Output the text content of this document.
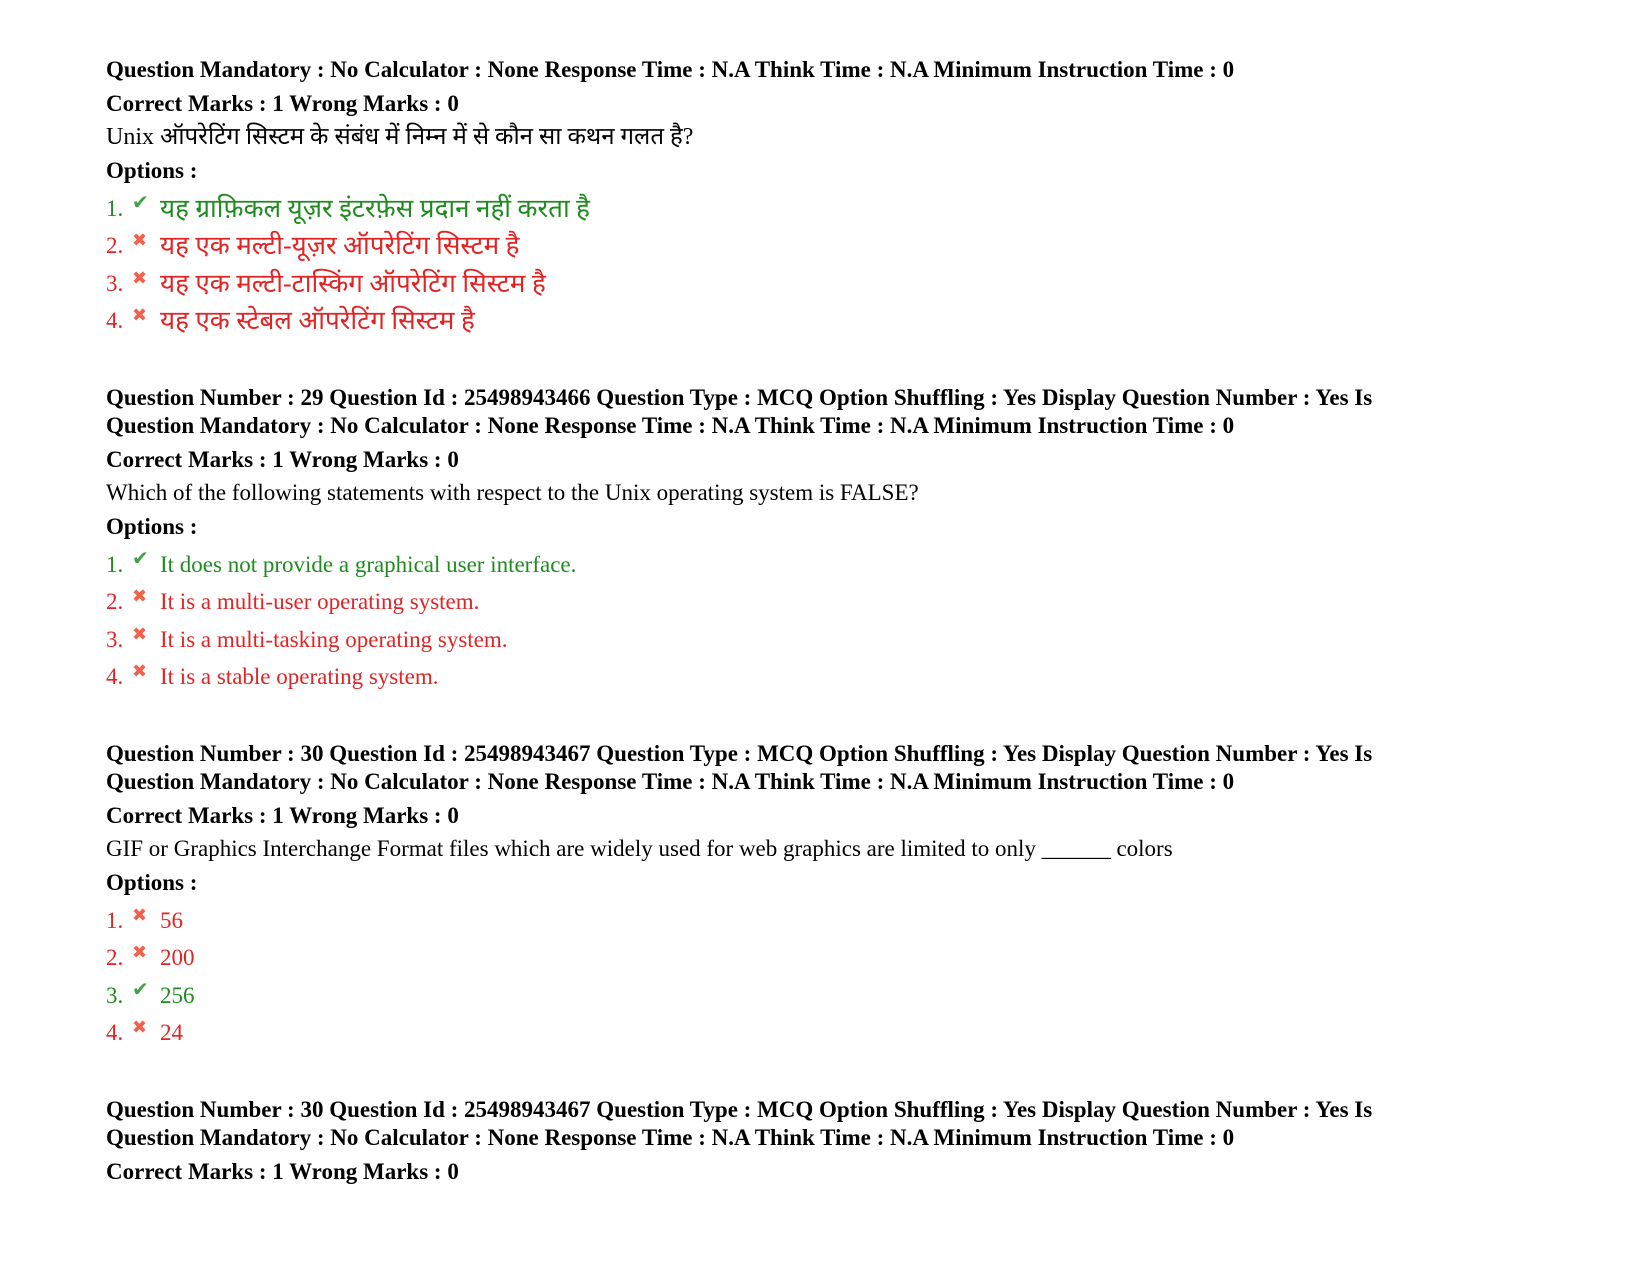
Question Mandatory : No Calculator : None Response Time : N.A Think Time : N.A Minimum Instruction Time : 0

Correct Marks : 1 Wrong Marks : 0

Unix ऑपरेटिंग सिस्टम के संबंध में निम्न में से कौन सा कथन गलत है?

Options :

1. ✔ यह ग्राफ़िकल यूज़र इंटरफ़ेस प्रदान नहीं करता है
2. ✖ यह एक मल्टी-यूज़र ऑपरेटिंग सिस्टम है
3. ✖ यह एक मल्टी-टास्किंग ऑपरेटिंग सिस्टम है
4. ✖ यह एक स्टेबल ऑपरेटिंग सिस्टम है

Question Number : 29 Question Id : 25498943466 Question Type : MCQ Option Shuffling : Yes Display Question Number : Yes Is

Question Mandatory : No Calculator : None Response Time : N.A Think Time : N.A Minimum Instruction Time : 0

Correct Marks : 1 Wrong Marks : 0

Which of the following statements with respect to the Unix operating system is FALSE?

Options :

1. ✔ It does not provide a graphical user interface.
2. ✖ It is a multi-user operating system.
3. ✖ It is a multi-tasking operating system.
4. ✖ It is a stable operating system.

Question Number : 30 Question Id : 25498943467 Question Type : MCQ Option Shuffling : Yes Display Question Number : Yes Is

Question Mandatory : No Calculator : None Response Time : N.A Think Time : N.A Minimum Instruction Time : 0

Correct Marks : 1 Wrong Marks : 0

GIF or Graphics Interchange Format files which are widely used for web graphics are limited to only ______ colors

Options :

1. ✖ 56
2. ✖ 200
3. ✔ 256
4. ✖ 24

Question Number : 30 Question Id : 25498943467 Question Type : MCQ Option Shuffling : Yes Display Question Number : Yes Is

Question Mandatory : No Calculator : None Response Time : N.A Think Time : N.A Minimum Instruction Time : 0

Correct Marks : 1 Wrong Marks : 0
